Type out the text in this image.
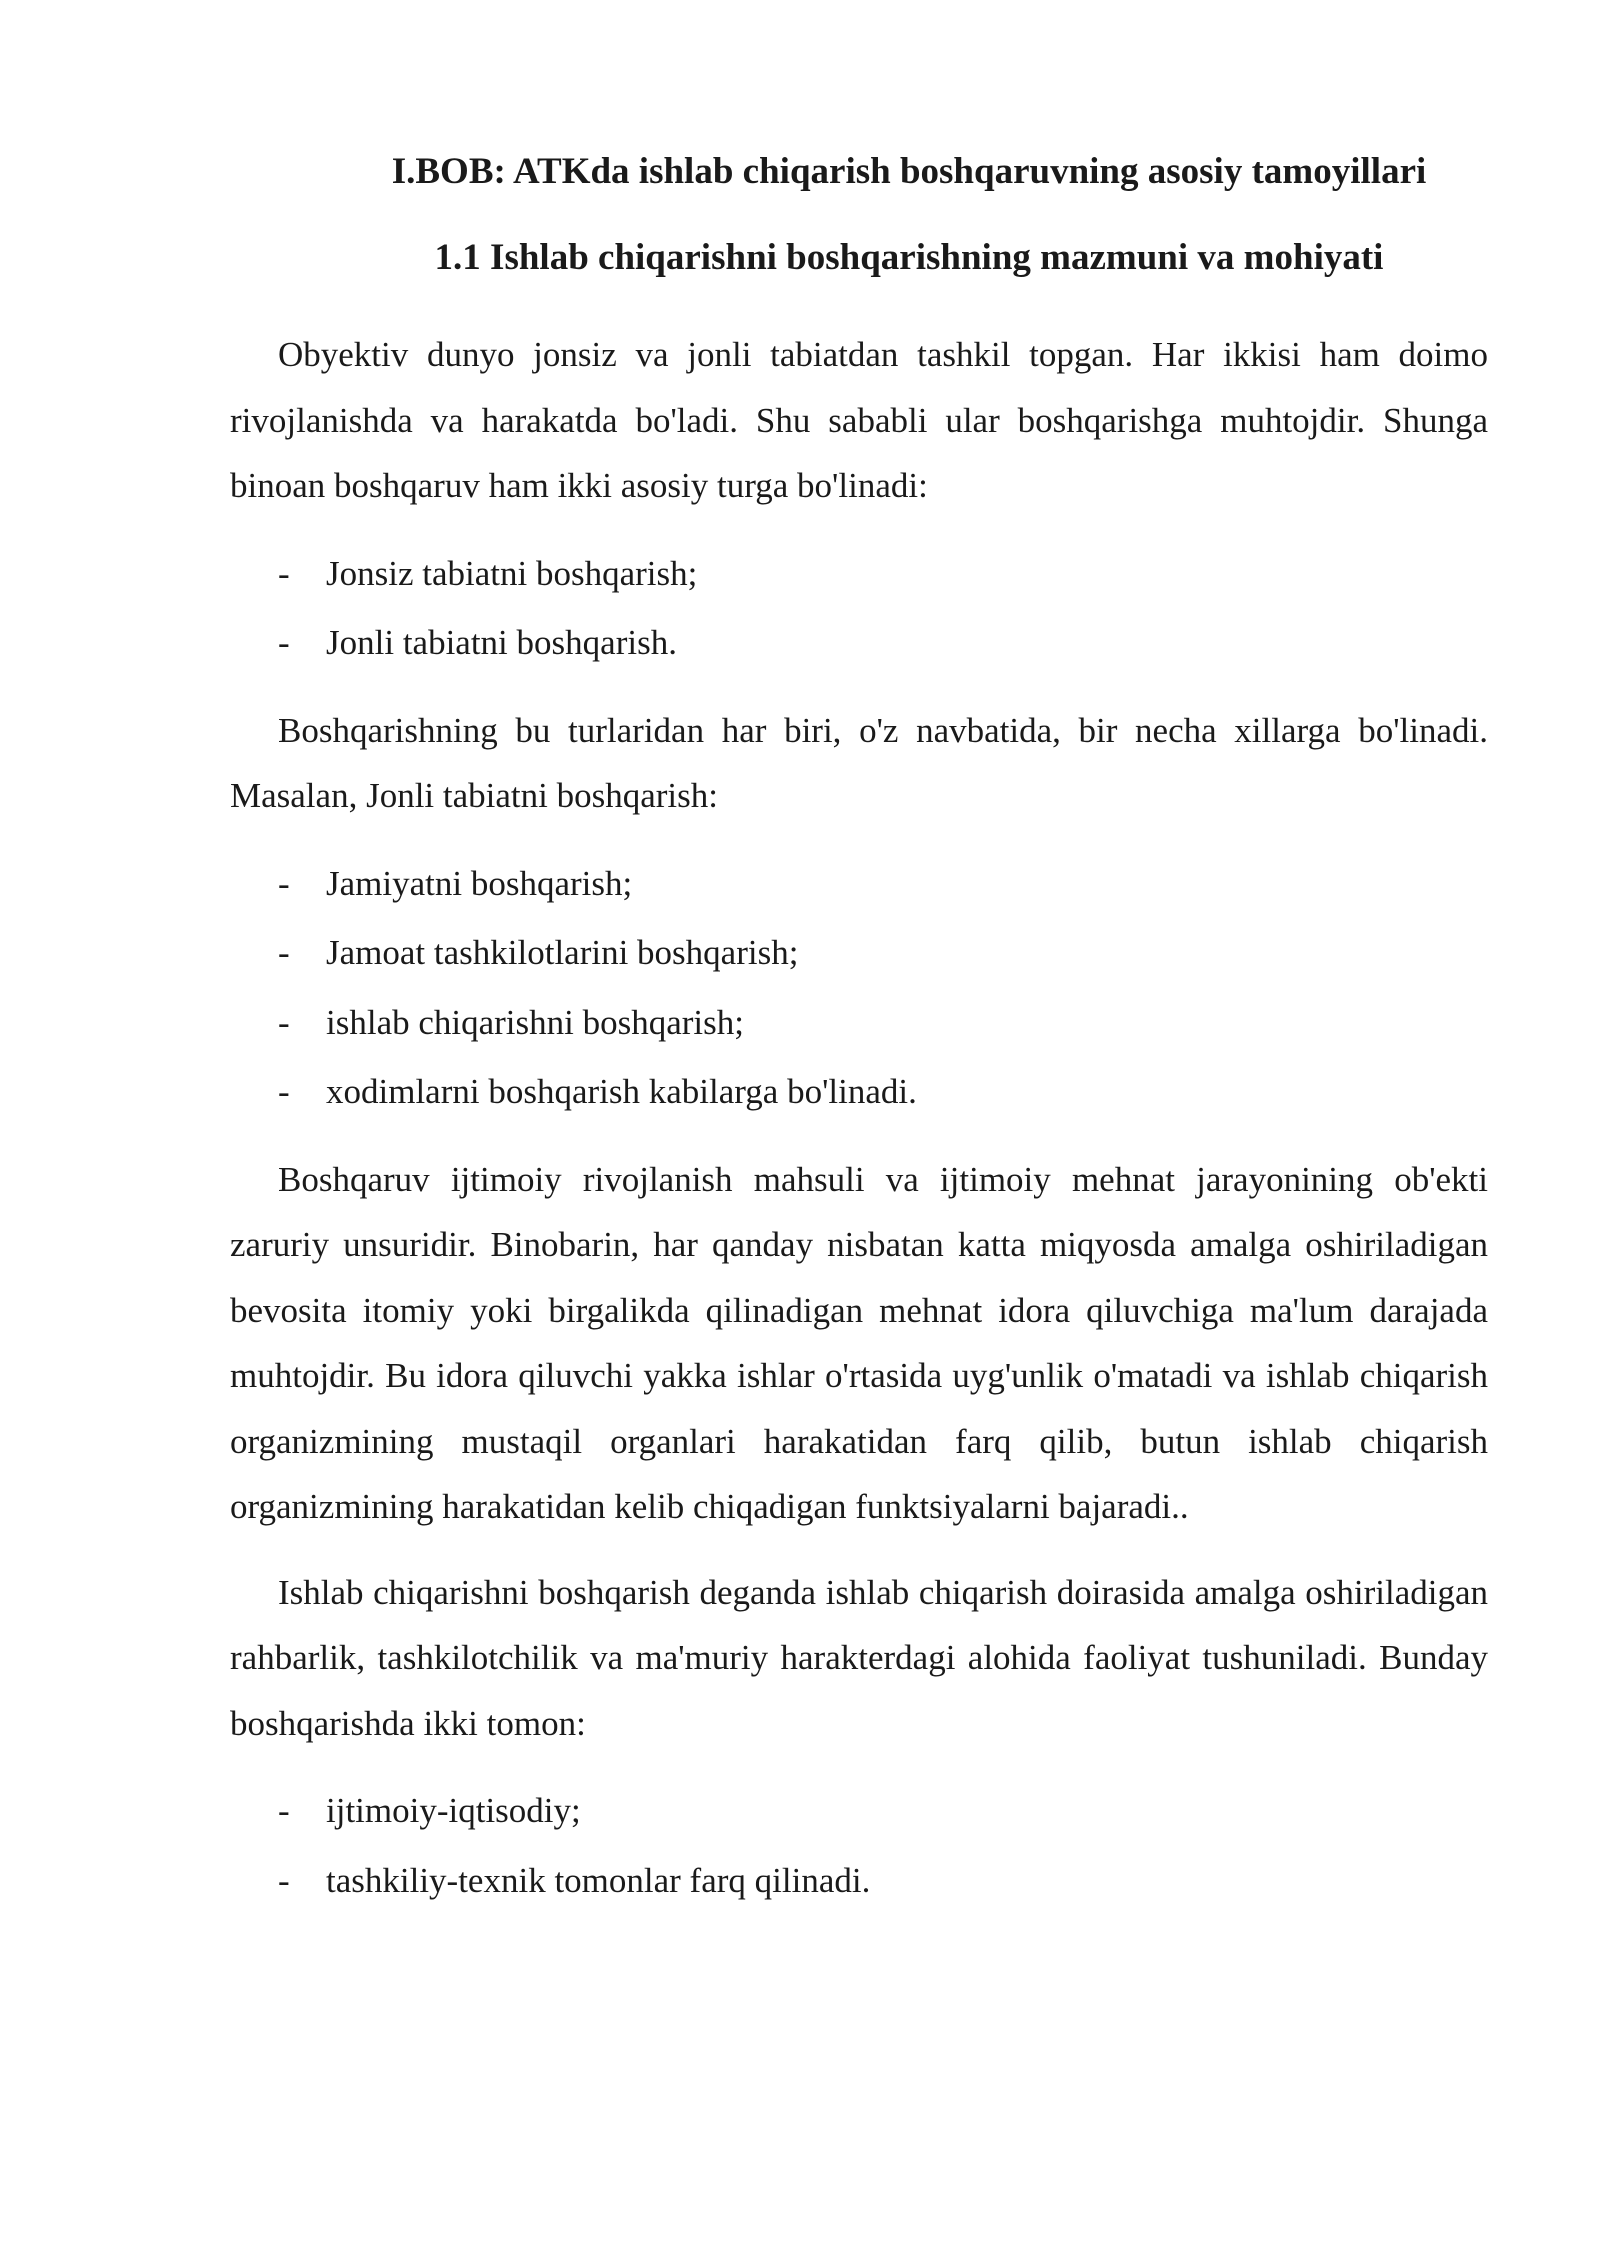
I.BOB: ATKda ishlab chiqarish boshqaruvning asosiy tamoyillari
1.1 Ishlab chiqarishni boshqarishning mazmuni va mohiyati

Obyektiv dunyo jonsiz va jonli tabiatdan tashkil topgan. Har ikkisi ham doimo rivojlanishda va harakatda bo'ladi. Shu sababli ular boshqarishga muhtojdir. Shunga binoan boshqaruv ham ikki asosiy turga bo'linadi:

- Jonsiz tabiatni boshqarish;
- Jonli tabiatni boshqarish.

Boshqarishning bu turlaridan har biri, o'z navbatida, bir necha xillarga bo'linadi. Masalan, Jonli tabiatni boshqarish:

- Jamiyatni boshqarish;
- Jamoat tashkilotlarini boshqarish;
- ishlab chiqarishni boshqarish;
- xodimlarni boshqarish kabilarga bo'linadi.

Boshqaruv ijtimoiy rivojlanish mahsuli va ijtimoiy mehnat jarayonining ob'ekti zaruriy unsuridir. Binobarin, har qanday nisbatan katta miqyosda amalga oshiriladigan bevosita itomiy yoki birgalikda qilinadigan mehnat idora qiluvchiga ma'lum darajada muhtojdir. Bu idora qiluvchi yakka ishlar o'rtasida uyg'unlik o'matadi va ishlab chiqarish organizmining mustaqil organlari harakatidan farq qilib, butun ishlab chiqarish organizmining harakatidan kelib chiqadigan funktsiyalarni bajaradi..

Ishlab chiqarishni boshqarish deganda ishlab chiqarish doirasida amalga oshiriladigan rahbarlik, tashkilotchilik va ma'muriy harakterdagi alohida faoliyat tushuniladi. Bunday boshqarishda ikki tomon:

- ijtimoiy-iqtisodiy;
- tashkiliy-texnik tomonlar farq qilinadi.
